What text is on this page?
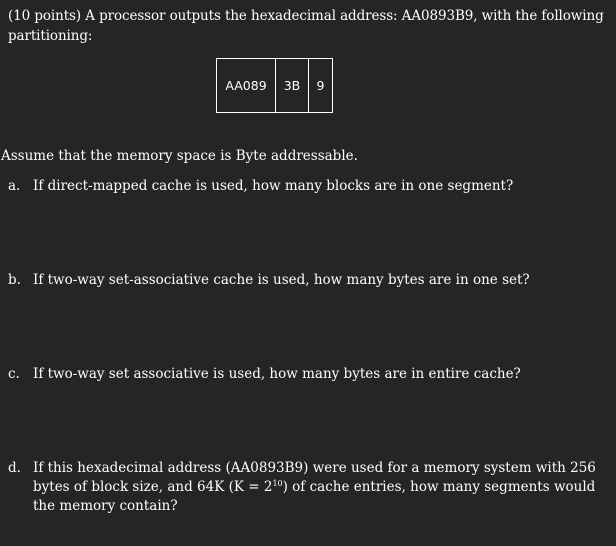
(10 points) A processor outputs the hexadecimal address: AA0893B9, with the following partitioning:
AA089	3B	9
Assume that the memory space is Byte addressable.
a. If direct-mapped cache is used, how many blocks are in one segment?
b. If two-way set-associative cache is used, how many bytes are in one set?
c. If two-way set associative is used, how many bytes are in entire cache?
d. If this hexadecimal address (AA0893B9) were used for a memory system with 256 bytes of block size, and 64K $(K = 2^{10})$ of cache entries, how many segments would the memory contain?
